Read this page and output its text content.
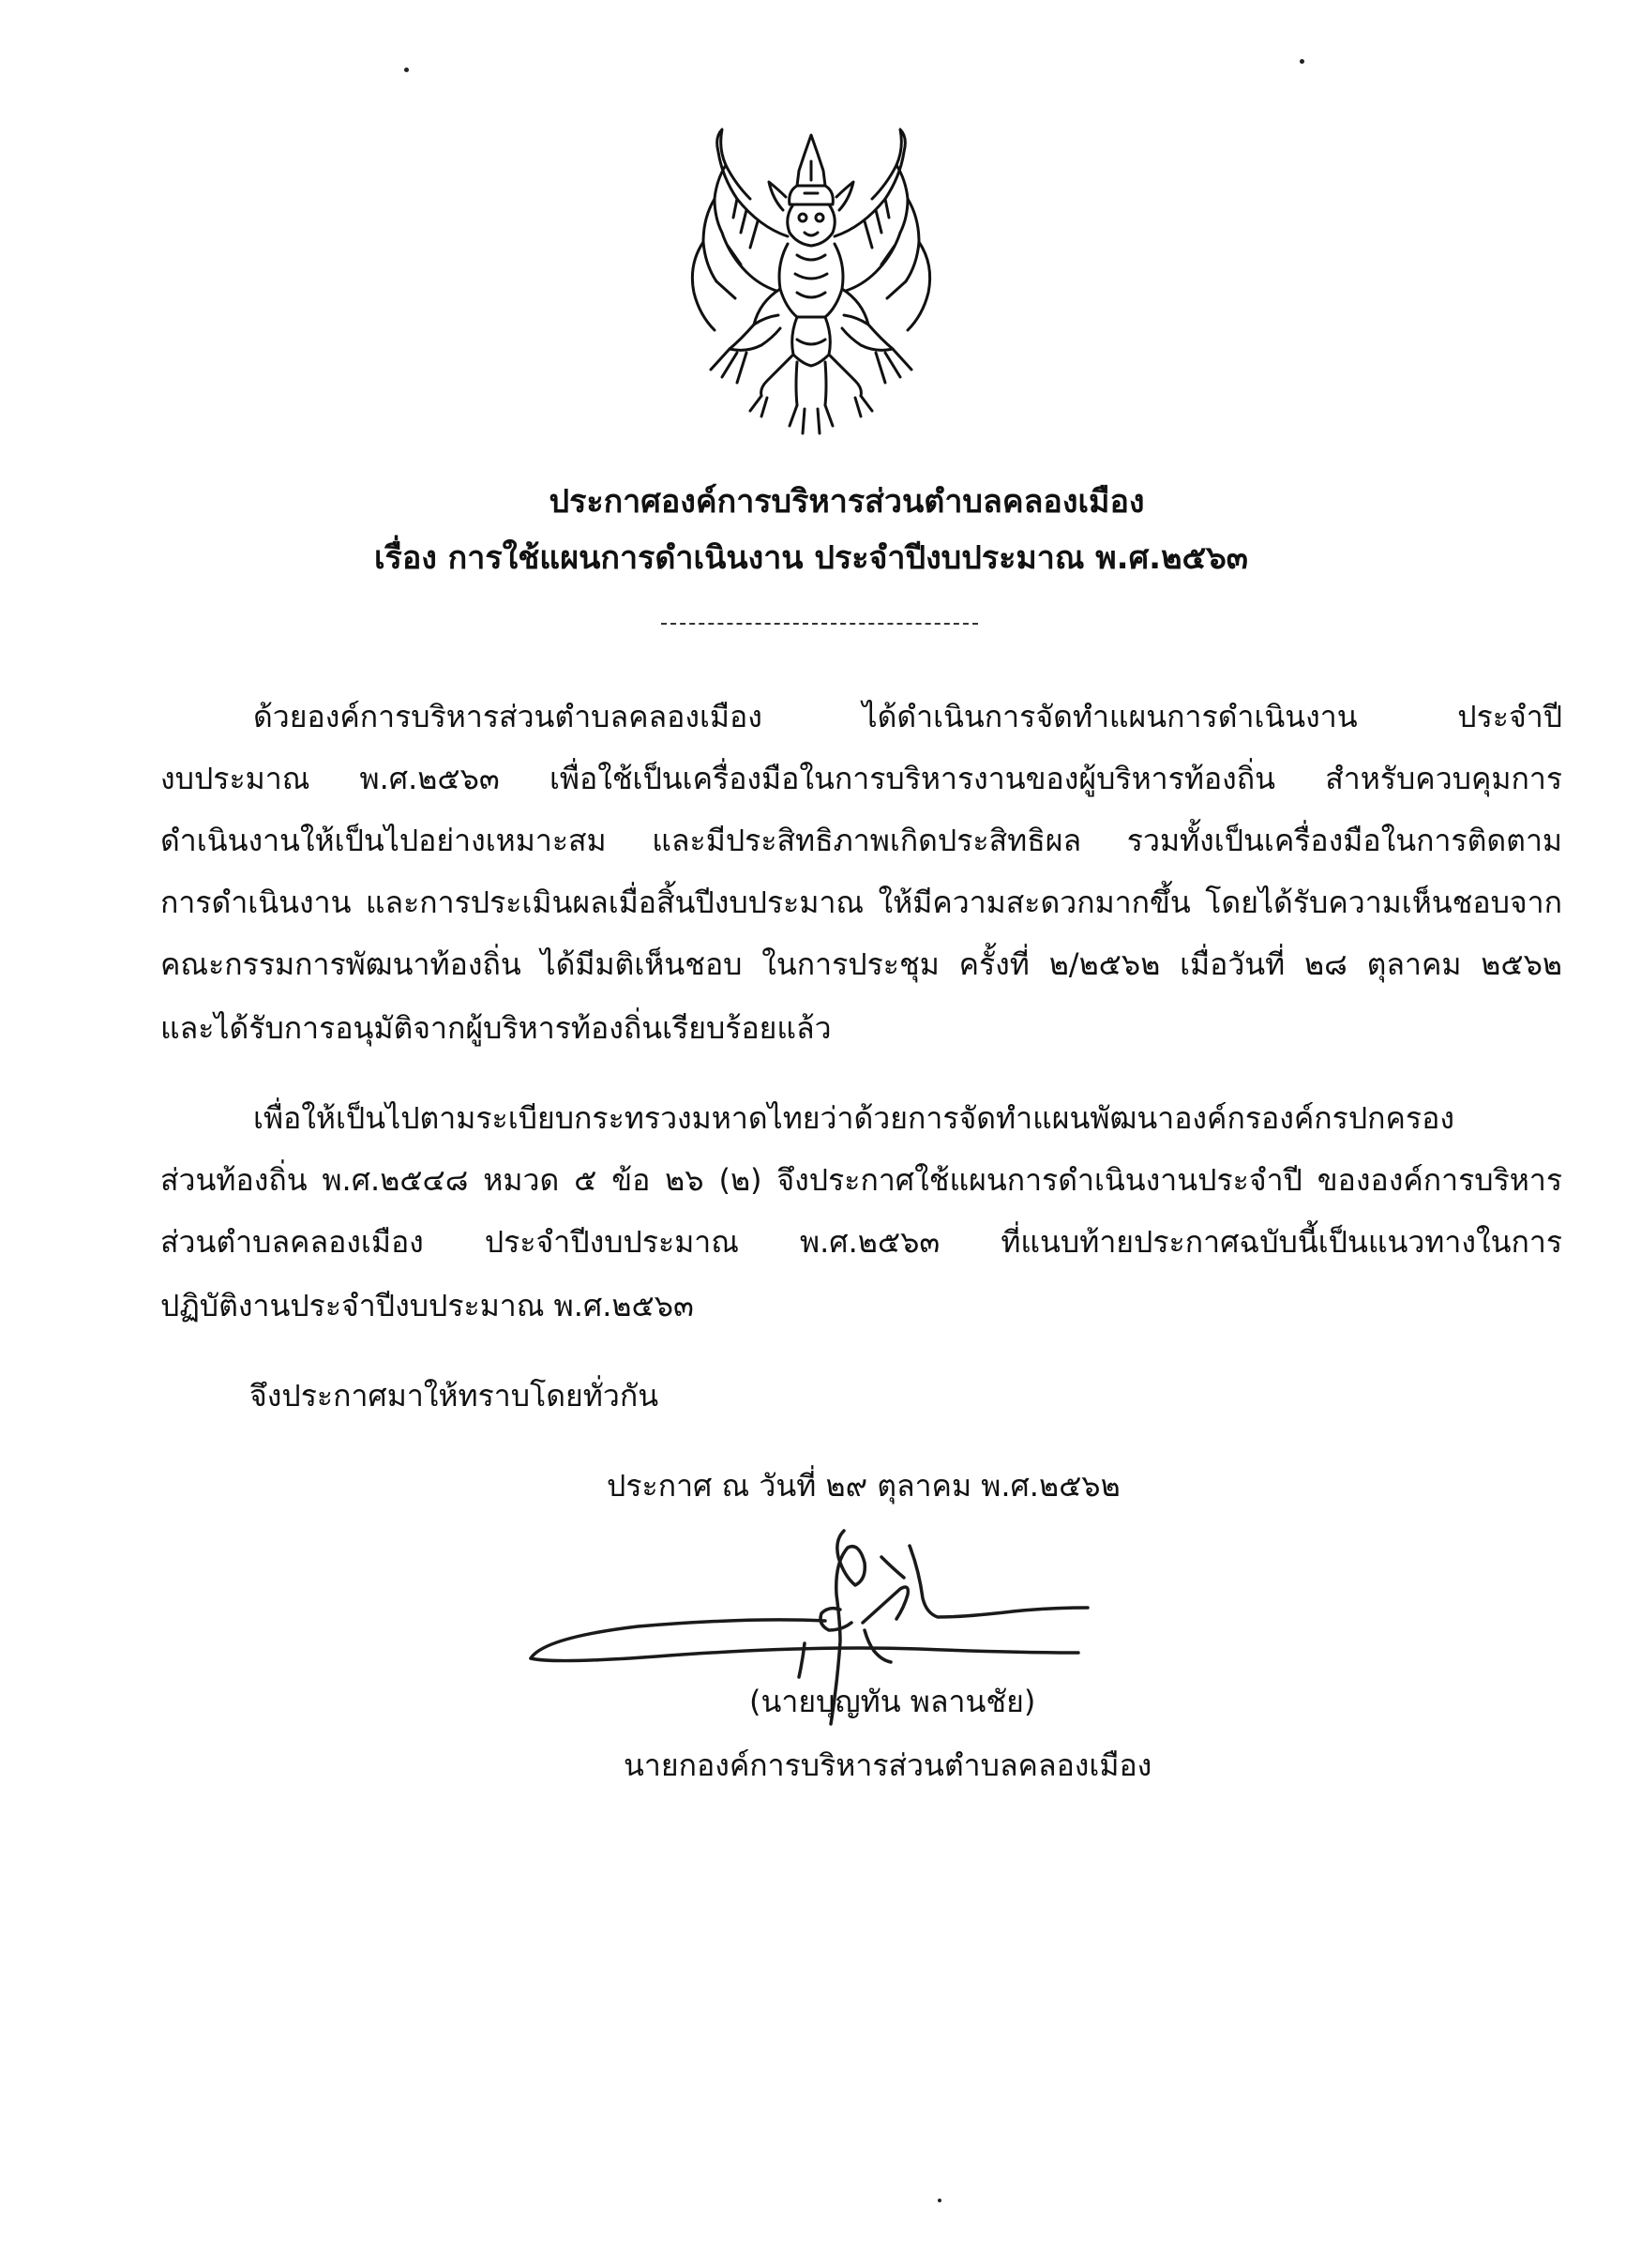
ประกาศองค์การบริหารส่วนตำบลคลองเมือง
เรื่อง การใช้แผนการดำเนินงาน ประจำปีงบประมาณ พ.ศ.๒๕๖๓
ด้วยองค์การบริหารส่วนตำบลคลองเมือง ได้ดำเนินการจัดทำแผนการดำเนินงาน ประจำปี
งบประมาณ พ.ศ.๒๕๖๓ เพื่อใช้เป็นเครื่องมือในการบริหารงานของผู้บริหารท้องถิ่น สำหรับควบคุมการ
ดำเนินงานให้เป็นไปอย่างเหมาะสม และมีประสิทธิภาพเกิดประสิทธิผล รวมทั้งเป็นเครื่องมือในการติดตาม
การดำเนินงาน และการประเมินผลเมื่อสิ้นปีงบประมาณ ให้มีความสะดวกมากขึ้น โดยได้รับความเห็นชอบจาก
คณะกรรมการพัฒนาท้องถิ่น ได้มีมติเห็นชอบ ในการประชุม ครั้งที่ ๒/๒๕๖๒ เมื่อวันที่ ๒๘ ตุลาคม ๒๕๖๒
และได้รับการอนุมัติจากผู้บริหารท้องถิ่นเรียบร้อยแล้ว
เพื่อให้เป็นไปตามระเบียบกระทรวงมหาดไทยว่าด้วยการจัดทำแผนพัฒนาองค์กรองค์กรปกครอง
ส่วนท้องถิ่น พ.ศ.๒๕๔๘ หมวด ๕ ข้อ ๒๖ (๒) จึงประกาศใช้แผนการดำเนินงานประจำปี ขององค์การบริหาร
ส่วนตำบลคลองเมือง ประจำปีงบประมาณ พ.ศ.๒๕๖๓ ที่แนบท้ายประกาศฉบับนี้เป็นแนวทางในการ
ปฏิบัติงานประจำปีงบประมาณ พ.ศ.๒๕๖๓
จึงประกาศมาให้ทราบโดยทั่วกัน
ประกาศ ณ วันที่ ๒๙ ตุลาคม พ.ศ.๒๕๖๒
(นายบุญทัน พลานชัย)
นายกองค์การบริหารส่วนตำบลคลองเมือง
